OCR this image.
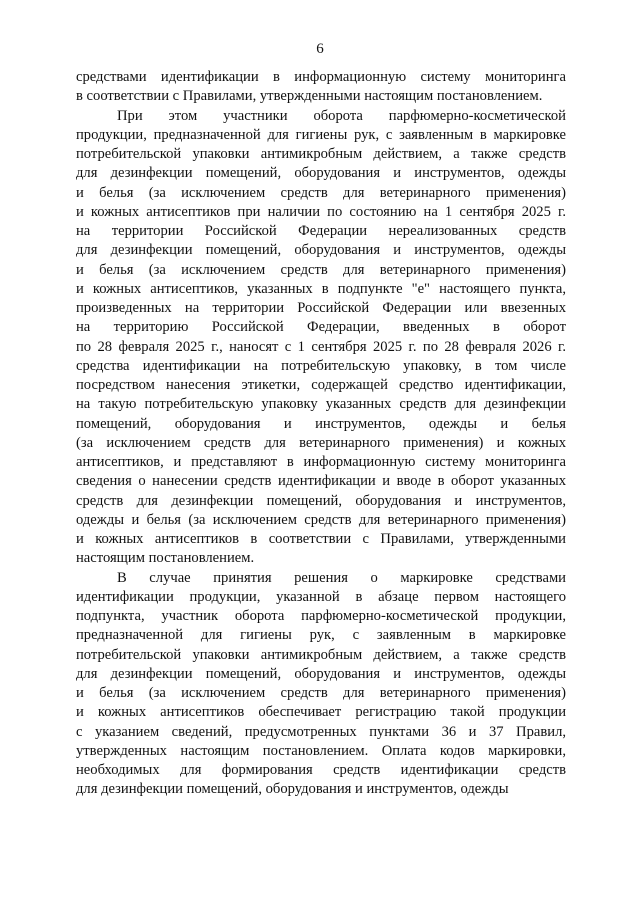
6
средствами идентификации в информационную систему мониторинга
в соответствии с Правилами, утвержденными настоящим постановлением.
При этом участники оборота парфюмерно-косметической
продукции, предназначенной для гигиены рук, с заявленным в маркировке
потребительской упаковки антимикробным действием, а также средств
для дезинфекции помещений, оборудования и инструментов, одежды
и белья (за исключением средств для ветеринарного применения)
и кожных антисептиков при наличии по состоянию на 1 сентября 2025 г.
на территории Российской Федерации нереализованных средств
для дезинфекции помещений, оборудования и инструментов, одежды
и белья (за исключением средств для ветеринарного применения)
и кожных антисептиков, указанных в подпункте "е" настоящего пункта,
произведенных на территории Российской Федерации или ввезенных
на территорию Российской Федерации, введенных в оборот
по 28 февраля 2025 г., наносят с 1 сентября 2025 г. по 28 февраля 2026 г.
средства идентификации на потребительскую упаковку, в том числе
посредством нанесения этикетки, содержащей средство идентификации,
на такую потребительскую упаковку указанных средств для дезинфекции
помещений, оборудования и инструментов, одежды и белья
(за исключением средств для ветеринарного применения) и кожных
антисептиков, и представляют в информационную систему мониторинга
сведения о нанесении средств идентификации и вводе в оборот указанных
средств для дезинфекции помещений, оборудования и инструментов,
одежды и белья (за исключением средств для ветеринарного применения)
и кожных антисептиков в соответствии с Правилами, утвержденными
настоящим постановлением.
В случае принятия решения о маркировке средствами
идентификации продукции, указанной в абзаце первом настоящего
подпункта, участник оборота парфюмерно-косметической продукции,
предназначенной для гигиены рук, с заявленным в маркировке
потребительской упаковки антимикробным действием, а также средств
для дезинфекции помещений, оборудования и инструментов, одежды
и белья (за исключением средств для ветеринарного применения)
и кожных антисептиков обеспечивает регистрацию такой продукции
с указанием сведений, предусмотренных пунктами 36 и 37 Правил,
утвержденных настоящим постановлением. Оплата кодов маркировки,
необходимых для формирования средств идентификации средств
для дезинфекции помещений, оборудования и инструментов, одежды
